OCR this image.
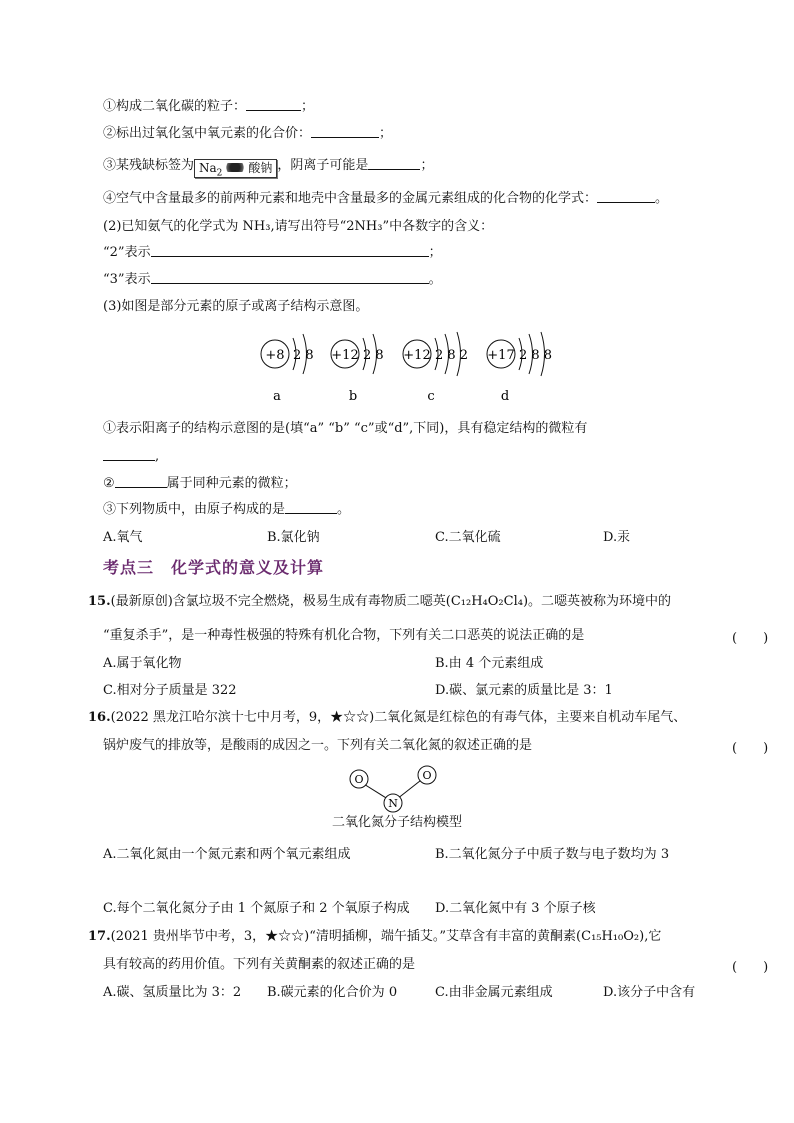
①构成二氧化碳的粒子：	；
②标出过氧化氢中氧元素的化合价：	；
③某残缺标签为 $Na_2$ 酸钠 ，阴离子可能是	；
④空气中含量最多的前两种元素和地壳中含量最多的金属元素组成的化合物的化学式：	。
(2)已知氨气的化学式为 NH₃,请写出符号“2NH₃”中各数字的含义：
“2”表示	；
“3”表示	。
(3)如图是部分元素的原子或离子结构示意图。
+8 2 8
a
+12 2 8
b
+12 2 8 2
c
+17 2 8 8
d
①表示阳离子的结构示意图的是(填“a” “b” “c”或“d”,下同)，具有稳定结构的微粒有
,
②	属于同种元素的微粒；
③下列物质中，由原子构成的是	。
A.氧气	B.氯化钠	C.二氧化硫	D.汞
考点三　化学式的意义及计算
15.(最新原创)含氯垃圾不完全燃烧，极易生成有毒物质二噁英(C₁₂H₄O₂Cl₄)。二噁英被称为环境中的
“重复杀手”，是一种毒性极强的特殊有机化合物，下列有关二口恶英的说法正确的是	(　　)
A.属于氧化物	B.由 4 个元素组成
C.相对分子质量是 322	D.碳、氯元素的质量比是 3：1
16.(2022 黑龙江哈尔滨十七中月考，9，★☆☆)二氧化氮是红棕色的有毒气体，主要来自机动车尾气、
锅炉废气的排放等，是酸雨的成因之一。下列有关二氧化氮的叙述正确的是	(　　)
O
N
O
二氧化氮分子结构模型
A.二氧化氮由一个氮元素和两个氧元素组成	B.二氧化氮分子中质子数与电子数均为 3
C.每个二氧化氮分子由 1 个氮原子和 2 个氧原子构成 D.二氧化氮中有 3 个原子核
17.(2021 贵州毕节中考，3，★☆☆)“清明插柳，端午插艾。”艾草含有丰富的黄酮素(C₁₅H₁₀O₂),它
具有较高的药用价值。下列有关黄酮素的叙述正确的是	(　　)
A.碳、氢质量比为 3：2 B.碳元素的化合价为 0	C.由非金属元素组成	D.该分子中含有
